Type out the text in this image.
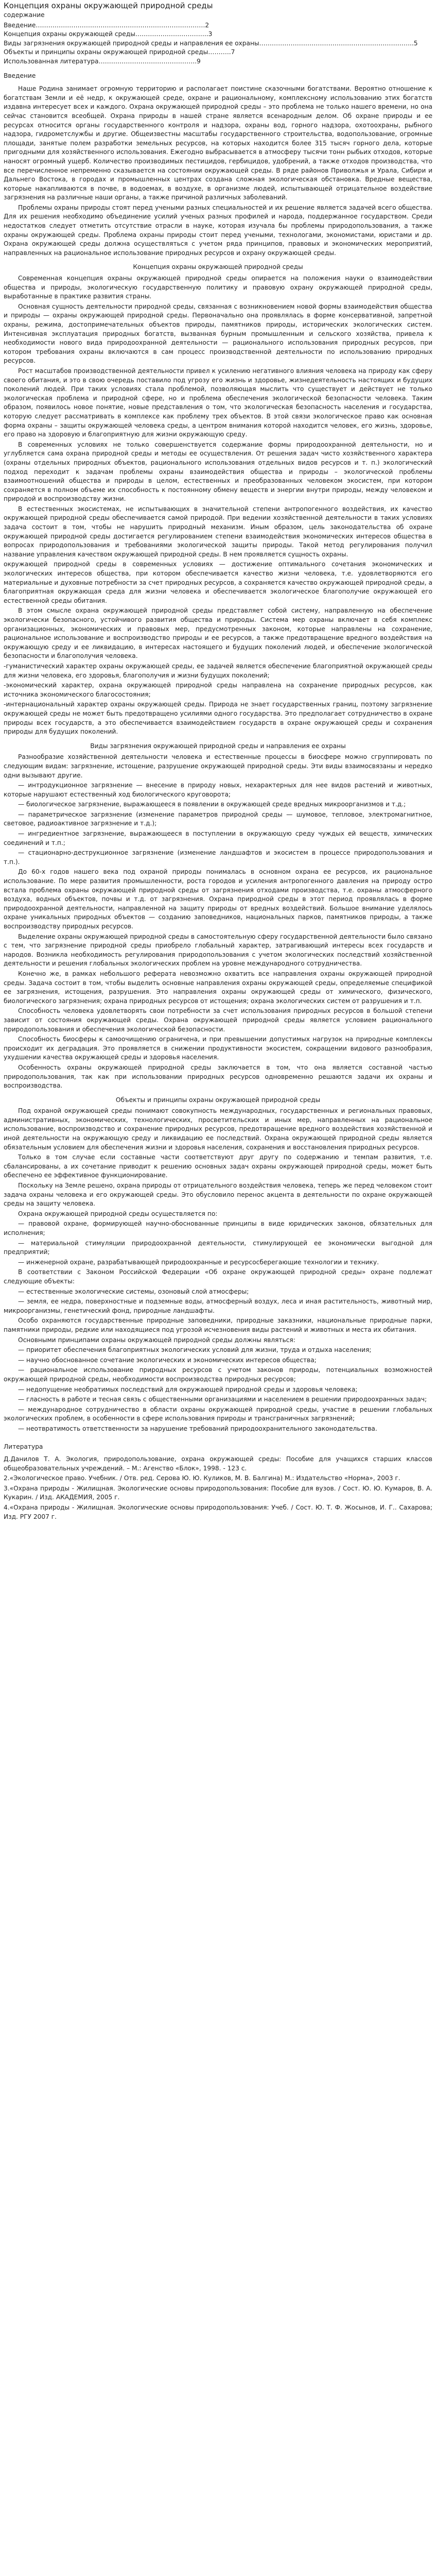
Концепция охраны окружающей природной среды
содержание
Введение………………………………………………………………………2
Концепция охраны окружающей среды……………………………..3
Виды загрязнения окружающей природной среды и направления ее охраны………………………………………………………………..5
Объекты и принципы охраны окружающей природной среды………..7
Использованная литература………………………………………..9
Введение

Наше Родина занимает огромную территорию и располагает поистине сказочными богатствами. Вероятно отношение к богатствам Земли и её недр, к окружающей среде, охране и рациональному, комплексному использованию этих богатств издавна интересует всех и каждого. Охрана окружающей природной среды – это проблема не только нашего времени, но она сейчас становится всеобщей. Охрана природы в нашей стране является всенародным делом. Об охране природы и ее ресурсах относится органы государственного контроля и надзора, охраны вод, горного надзора, охотоохраны, рыбного надзора, гидрометслужбы и другие. Общеизвестны масштабы государственного строительства, водопользование, огромные площади, занятые полем разработки земельных ресурсов, на которых находится более 315 тысяч горного дела, которые пригодными для хозяйственного использования. Ежегодно выбрасывается в атмосферу тысячи тонн рыбьих отходов, которые наносят огромный ущерб. Количество производимых пестицидов, гербицидов, удобрений, а также отходов производства, что все перечисленное непременно сказывается на состоянии окружающей среды. В ряде районов Приволжья и Урала, Сибири и Дальнего Востока, в городах и промышленных центрах создана сложная экологическая обстановка. Вредные вещества, которые накапливаются в почве, в водоемах, в воздухе, в организме людей, испытывающей отрицательное воздействие загрязнения на различные наши органы, а также причиной различных заболеваний.

Проблемы охраны природы стоят перед учеными разных специальностей и их решение является задачей всего общества. Для их решения необходимо объединение усилий ученых разных профилей и народа, поддержанное государством. Среди недостатков следует отметить отсутствие отрасли в науке, которая изучала бы проблемы природопользования, а также охраны окружающей среды. Проблема охраны природы стоит перед учеными, технологами, экономистами, юристами и др. Охрана окружающей среды должна осуществляться с учетом ряда принципов, правовых и экономических мероприятий, направленных на рациональное использование природных ресурсов и охрану окружающей среды.

Концепция охраны окружающей природной среды

Современная концепция охраны окружающей природной среды опирается на положения науки о взаимодействии общества и природы, экологическую государственную политику и правовую охрану окружающей природной среды, выработанные в практике развития страны.

Основная сущность деятельности природной среды, связанная с возникновением новой формы взаимодействия общества и природы — охраны окружающей природной среды. Первоначально она проявлялась в форме консервативной, запретной охраны, режима, достопримечательных объектов природы, памятников природы, исторических экологических систем. Интенсивная эксплуатация природных богатств, вызванная бурным промышленным и сельского хозяйства, привела к необходимости нового вида природоохранной деятельности — рационального использования природных ресурсов, при котором требования охраны включаются в сам процесс производственной деятельности по использованию природных ресурсов.

Рост масштабов производственной деятельности привел к усилению негативного влияния человека на природу как сферу своего обитания, и это в свою очередь поставило под угрозу его жизнь и здоровье, жизнедеятельность настоящих и будущих поколений людей. При таких условиях стала проблемой, позволяющая мыслить что существует и действует не только экологическая проблема и природной сфере, но и проблема обеспечения экологической безопасности человека. Таким образом, появилось новое понятие, новые представления о том, что экологическая безопасность населения и государства, которую следует рассматривать в комплексе как проблему трех объектов. В этой связи экологическое право как основная форма охраны – защиты окружающей человека среды, а центром внимания которой находится человек, его жизнь, здоровье, его право на здоровую и благоприятную для жизни окружающую среду.

В современных условиях не только совершенствуется содержание формы природоохранной деятельности, но и углубляется сама охрана природной среды и методы ее осуществления. От решения задач чисто хозяйственного характера (охраны отдельных природных объектов, рационального использования отдельных видов ресурсов и т. п.) экологический подход переходит к задачам проблемы охраны взаимодействия общества и природы – экологической проблемы взаимоотношений общества и природы в целом, естественных и преобразованных человеком экосистем, при котором сохраняется в полном объеме их способность к постоянному обмену веществ и энергии внутри природы, между человеком и природой и воспроизводству жизни.

В естественных экосистемах, не испытывающих в значительной степени антропогенного воздействия, их качество окружающей природной среды обеспечивается самой природой. При ведении хозяйственной деятельности в таких условиях задача состоит в том, чтобы не нарушить природный механизм. Иным образом, цель законодательства об охране окружающей природной среды достигается регулированием степени взаимодействия экономических интересов общества в вопросах природопользования и требованиями экологической защиты природы. Такой метод регулирования получил название управления качеством окружающей природной среды. В нем проявляется сущность охраны.

окружающей природной среды в современных условиях — достижение оптимального сочетания экономических и экологических интересов общества, при котором обеспечивается качество жизни человека, т.е. удовлетворяются его материальные и духовные потребности за счет природных ресурсов, а сохраняется качество окружающей природной среды, а благоприятная окружающая среда для жизни человека и обеспечивается экологическое благополучие окружающей его естественной среды обитания.

В этом смысле охрана окружающей природной среды представляет собой систему, направленную на обеспечение экологически безопасного, устойчивого развития общества и природы. Система мер охраны включает в себя комплекс организационных, экономических и правовых мер, предусмотренных законом, которые направлены на сохранение, рациональное использование и воспроизводство природы и ее ресурсов, а также предотвращение вредного воздействия на окружающую среду и ее ликвидацию, в интересах настоящего и будущих поколений людей, и обеспечение экологической безопасности и благополучия человека.

-гуманистический характер охраны окружающей среды, ее задачей является обеспечение благоприятной окружающей среды для жизни человека, его здоровья, благополучия и жизни будущих поколений;

-экономический характер, охрана окружающей природной среды направлена на сохранение природных ресурсов, как источника экономического благосостояния;

-интернациональный характер охраны окружающей среды. Природа не знает государственных границ, поэтому загрязнение окружающей среды не может быть предотвращено усилиями одного государства. Это предполагает сотрудничество в охране природы всех государств, а это обеспечивается взаимодействием государств в охране окружающей среды и сохранения природы для будущих поколений.

Виды загрязнения окружающей природной среды и направления ее охраны

Разнообразие хозяйственной деятельности человека и естественные процессы в биосфере можно сгруппировать по следующим видам: загрязнение, истощение, разрушение окружающей природной среды. Эти виды взаимосвязаны и нередко одни вызывают другие.

— интродукционное загрязнение — внесение в природу новых, нехарактерных для нее видов растений и животных, которые нарушают естественный ход биологического круговорота;

— биологическое загрязнение, выражающееся в появлении в окружающей среде вредных микроорганизмов и т.д.;

— параметрическое загрязнение (изменение параметров природной среды — шумовое, тепловое, электромагнитное, световое, радиоактивное загрязнение и т.д.);

— ингредиентное загрязнение, выражающееся в поступлении в окружающую среду чуждых ей веществ, химических соединений и т.п.;

— стационарно-деструкционное загрязнение (изменение ландшафтов и экосистем в процессе природопользования и т.п.).

До 60-х годов нашего века под охраной природы понималась в основном охрана ее ресурсов, их рациональное использование. По мере развития промышленности, роста городов и усиления антропогенного давления на природу остро встала проблема охраны окружающей природной среды от загрязнения отходами производства, т.е. охраны атмосферного воздуха, водных объектов, почвы и т.д. от загрязнения. Охрана природной среды в этот период проявлялась в форме природоохранной деятельности, направленной на защиту природы от вредных воздействий. Большое внимание уделялось охране уникальных природных объектов — созданию заповедников, национальных парков, памятников природы, а также воспроизводству природных ресурсов.

Выделение охраны окружающей природной среды в самостоятельную сферу государственной деятельности было связано с тем, что загрязнение природной среды приобрело глобальный характер, затрагивающий интересы всех государств и народов. Возникла необходимость регулирования природопользования с учетом экологических последствий хозяйственной деятельности и решения глобальных экологических проблем на уровне международного сотрудничества.

Конечно же, в рамках небольшого реферата невозможно охватить все направления охраны окружающей природной среды. Задача состоит в том, чтобы выделить основные направления охраны окружающей среды, определяемые спецификой ее загрязнения, истощения, разрушения. Это направления охраны окружающей среды от химического, физического, биологического загрязнения; охрана природных ресурсов от истощения; охрана экологических систем от разрушения и т.п.

Способность человека удовлетворять свои потребности за счет использования природных ресурсов в большой степени зависит от состояния окружающей среды. Охрана окружающей природной среды является условием рационального природопользования и обеспечения экологической безопасности.

Способность биосферы к самоочищению ограничена, и при превышении допустимых нагрузок на природные комплексы происходит их деградация. Это проявляется в снижении продуктивности экосистем, сокращении видового разнообразия, ухудшении качества окружающей среды и здоровья населения.

Особенность охраны окружающей природной среды заключается в том, что она является составной частью природопользования, так как при использовании природных ресурсов одновременно решаются задачи их охраны и воспроизводства.

Объекты и принципы охраны окружающей природной среды

Под охраной окружающей среды понимают совокупность международных, государственных и региональных правовых, административных, экономических, технологических, просветительских и иных мер, направленных на рациональное использование, воспроизводство и сохранение природных ресурсов, предотвращение вредного воздействия хозяйственной и иной деятельности на окружающую среду и ликвидацию ее последствий. Охрана окружающей природной среды является обязательным условием для обеспечения жизни и здоровья населения, сохранения и восстановления природных ресурсов.

Только в том случае если составные части соответствуют друг другу по содержанию и темпам развития, т.е. сбалансированы, а их сочетание приводит к решению основных задач охраны окружающей природной среды, может быть обеспечено ее эффективное функционирование.

Поскольку на Земле решено, охрана природы от отрицательного воздействия человека, теперь же перед человеком стоит задача охраны человека и его окружающей среды. Это обусловило перенос акцента в деятельности по охране окружающей среды на защиту человека.

Охрана окружающей природной среды осуществляется по:

— правовой охране, формирующей научно-обоснованные принципы в виде юридических законов, обязательных для исполнения;

— материальной стимуляции природоохранной деятельности, стимулирующей ее экономически выгодной для предприятий;

— инженерной охране, разрабатывающей природоохранные и ресурсосберегающие технологии и технику.

В соответствии с Законом Российской Федерации «Об охране окружающей природной среды» охране подлежат следующие объекты:

— естественные экологические системы, озоновый слой атмосферы;

— земля, ее недра, поверхностные и подземные воды, атмосферный воздух, леса и иная растительность, животный мир, микроорганизмы, генетический фонд, природные ландшафты.

Особо охраняются государственные природные заповедники, природные заказники, национальные природные парки, памятники природы, редкие или находящиеся под угрозой исчезновения виды растений и животных и места их обитания.

Основными принципами охраны окружающей природной среды должны являться:

— приоритет обеспечения благоприятных экологических условий для жизни, труда и отдыха населения;

— научно обоснованное сочетание экологических и экономических интересов общества;

— рациональное использование природных ресурсов с учетом законов природы, потенциальных возможностей окружающей природной среды, необходимости воспроизводства природных ресурсов;

— недопущение необратимых последствий для окружающей природной среды и здоровья человека;

— гласность в работе и тесная связь с общественными организациями и населением в решении природоохранных задач;

— международное сотрудничество в области охраны окружающей природной среды, участие в решении глобальных экологических проблем, в особенности в сфере использования природы и трансграничных загрязнений;

— неотвратимость ответственности за нарушение требований природоохранительного законодательства.

Литература
Д.Данилов Т. А. Экология, природопользование, охрана окружающей среды: Пособие для учащихся старших классов общеобразовательных учреждений. – М.: Агенство «Блок», 1998. - 123 с.
2.«Экологическое право. Учебник. / Отв. ред. Серова Ю. Ю. Куликов, М. В. Балгина) М.: Издательство «Норма», 2003 г.
3.«Охрана природы - Жилищная. Экологические основы природопользования: Пособие для вузов. / Сост. Ю. Ю. Кумаров, В. А. Кукарин. / Изд. АКАДЕМИЯ, 2005 г.
4.«Охрана природы - Жилищная. Экологические основы природопользования: Учеб. / Сост. Ю. Т. Ф. Жосынов, И. Г.. Сахарова; Изд. РГУ 2007 г.
